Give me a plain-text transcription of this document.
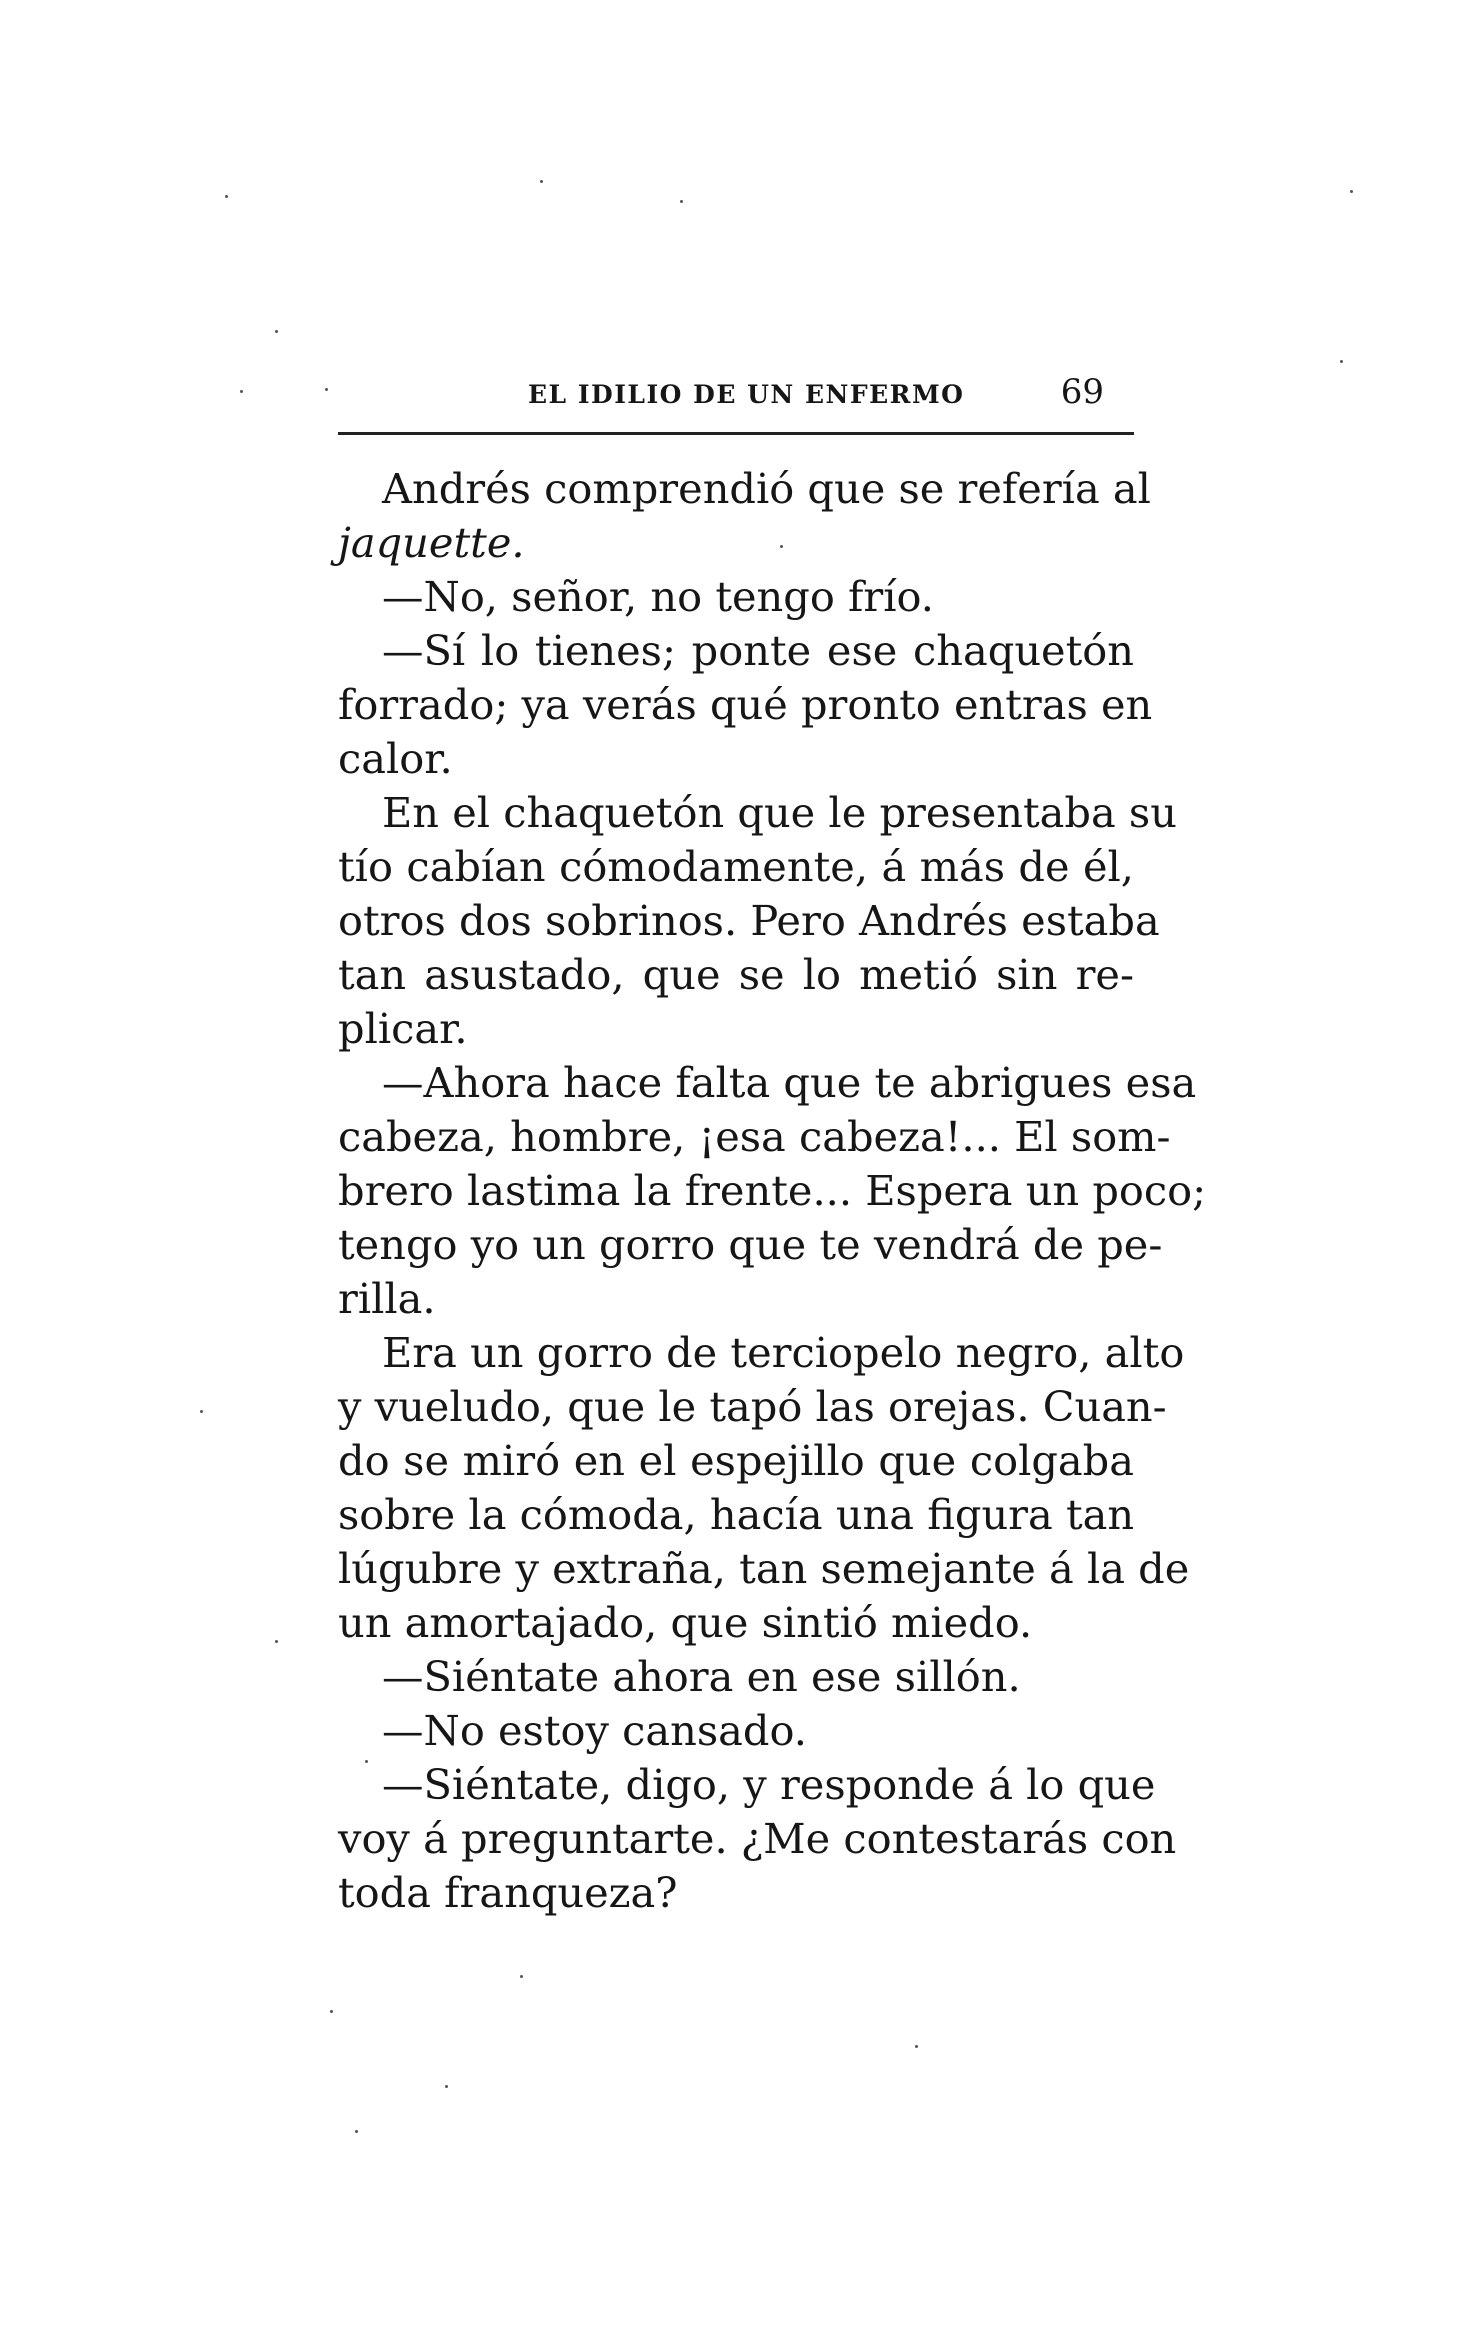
EL IDILIO DE UN ENFERMO	69
Andrés comprendió que se refería al
jaquette.
—No, señor, no tengo frío.
—Sí lo tienes; ponte ese chaquetón
forrado; ya verás qué pronto entras en
calor.
En el chaquetón que le presentaba su
tío cabían cómodamente, á más de él,
otros dos sobrinos. Pero Andrés estaba
tan asustado, que se lo metió sin re-
plicar.
—Ahora hace falta que te abrigues esa
cabeza, hombre, ¡esa cabeza!... El som-
brero lastima la frente... Espera un poco;
tengo yo un gorro que te vendrá de pe-
rilla.
Era un gorro de terciopelo negro, alto
y vueludo, que le tapó las orejas. Cuan-
do se miró en el espejillo que colgaba
sobre la cómoda, hacía una figura tan
lúgubre y extraña, tan semejante á la de
un amortajado, que sintió miedo.
—Siéntate ahora en ese sillón.
—No estoy cansado.
—Siéntate, digo, y responde á lo que
voy á preguntarte. ¿Me contestarás con
toda franqueza?
